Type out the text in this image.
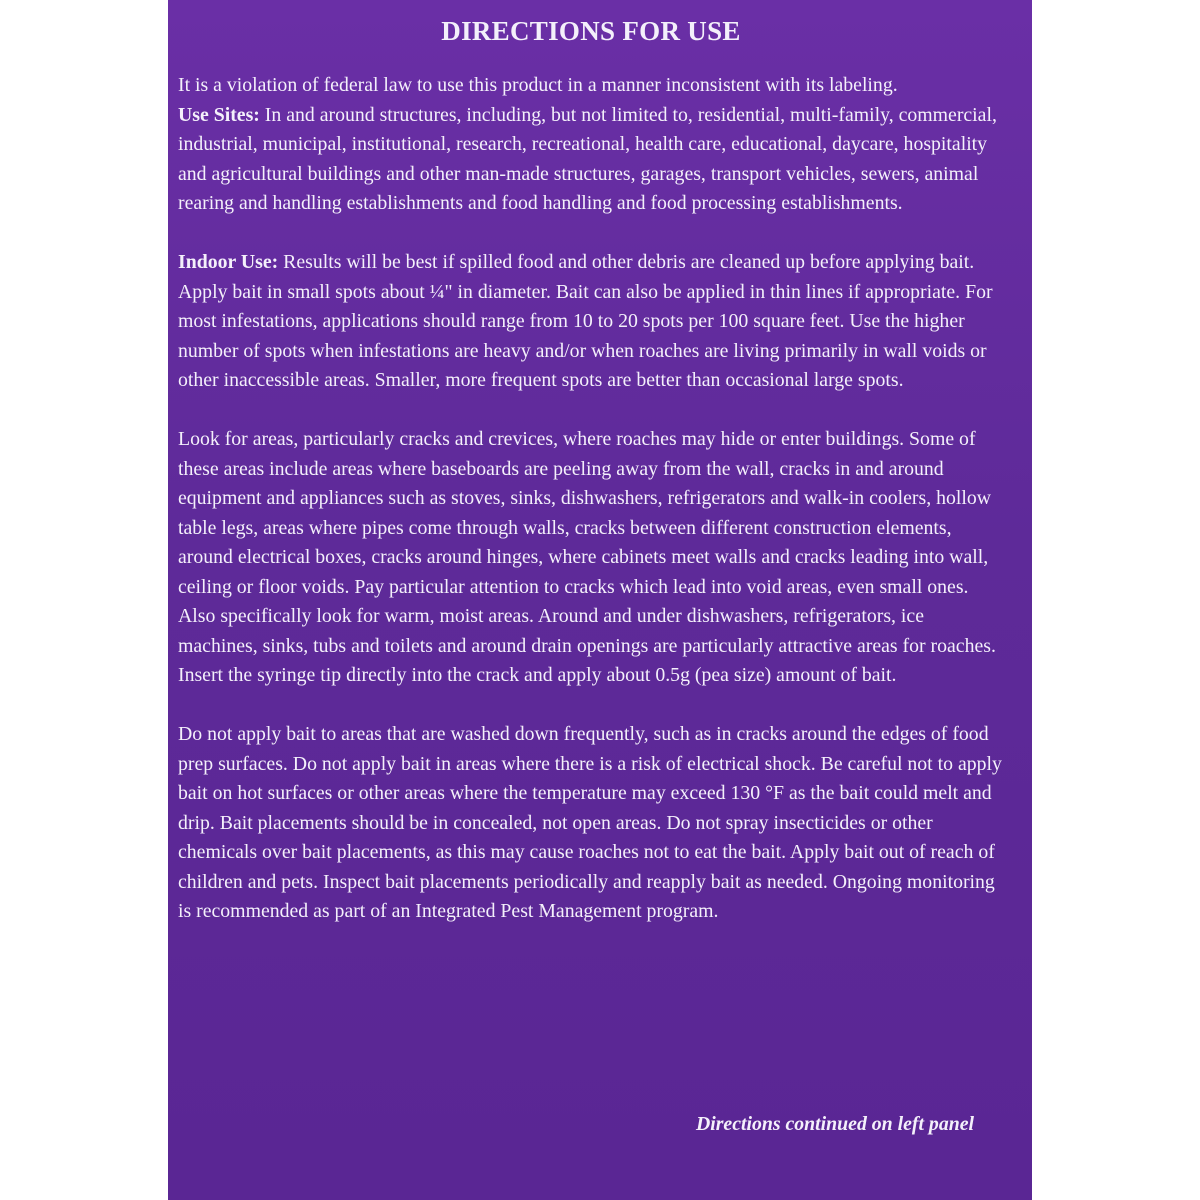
DIRECTIONS FOR USE

It is a violation of federal law to use this product in a manner inconsistent with its labeling.

Use Sites: In and around structures, including, but not limited to, residential, multi-family, commercial, industrial, municipal, institutional, research, recreational, health care, educational, daycare, hospitality and agricultural buildings and other man-made structures, garages, transport vehicles, sewers, animal rearing and handling establishments and food handling and food processing establishments.

Indoor Use: Results will be best if spilled food and other debris are cleaned up before applying bait. Apply bait in small spots about ¼" in diameter. Bait can also be applied in thin lines if appropriate. For most infestations, applications should range from 10 to 20 spots per 100 square feet. Use the higher number of spots when infestations are heavy and/or when roaches are living primarily in wall voids or other inaccessible areas. Smaller, more frequent spots are better than occasional large spots.

Look for areas, particularly cracks and crevices, where roaches may hide or enter buildings. Some of these areas include areas where baseboards are peeling away from the wall, cracks in and around equipment and appliances such as stoves, sinks, dishwashers, refrigerators and walk-in coolers, hollow table legs, areas where pipes come through walls, cracks between different construction elements, around electrical boxes, cracks around hinges, where cabinets meet walls and cracks leading into wall, ceiling or floor voids. Pay particular attention to cracks which lead into void areas, even small ones. Also specifically look for warm, moist areas. Around and under dishwashers, refrigerators, ice machines, sinks, tubs and toilets and around drain openings are particularly attractive areas for roaches. Insert the syringe tip directly into the crack and apply about 0.5g (pea size) amount of bait.

Do not apply bait to areas that are washed down frequently, such as in cracks around the edges of food prep surfaces. Do not apply bait in areas where there is a risk of electrical shock. Be careful not to apply bait on hot surfaces or other areas where the temperature may exceed 130 °F as the bait could melt and drip. Bait placements should be in concealed, not open areas. Do not spray insecticides or other chemicals over bait placements, as this may cause roaches not to eat the bait. Apply bait out of reach of children and pets. Inspect bait placements periodically and reapply bait as needed. Ongoing monitoring is recommended as part of an Integrated Pest Management program.

Directions continued on left panel
